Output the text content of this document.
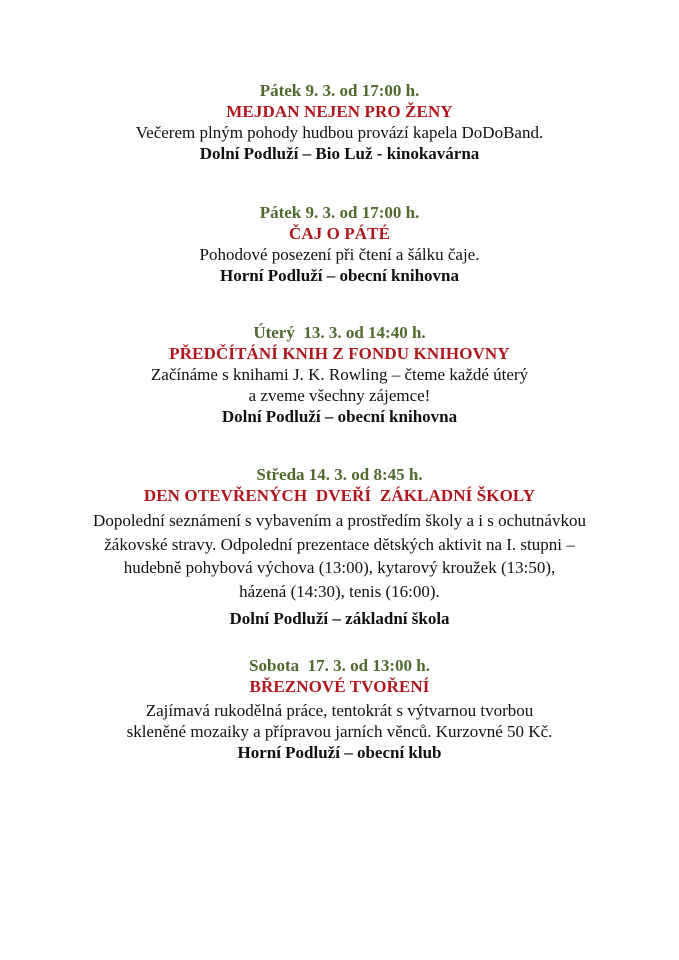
Pátek 9. 3. od 17:00 h.
MEJDAN NEJEN PRO ŽENY
Večerem plným pohody hudbou provází kapela DoDoBand.
Dolní Podluží – Bio Luž - kinokavárna
Pátek 9. 3. od 17:00 h.
ČAJ O PÁTÉ
Pohodové posezení při čtení a šálku čaje.
Horní Podluží – obecní knihovna
Úterý  13. 3. od 14:40 h.
PŘEDČÍTÁNÍ KNIH Z FONDU KNIHOVNY
Začínáme s knihami J. K. Rowling – čteme každé úterý
a zveme všechny zájemce!
Dolní Podluží – obecní knihovna
Středa 14. 3. od 8:45 h.
DEN OTEVŘENÝCH  DVEŘÍ  ZÁKLADNÍ ŠKOLY
Dopolední seznámení s vybavením a prostředím školy a i s ochutnávkou
žákovské stravy. Odpolední prezentace dětských aktivit na I. stupni –
hudebně pohybová výchova (13:00), kytarový kroužek (13:50),
házená (14:30), tenis (16:00).
Dolní Podluží – základní škola
Sobota  17. 3. od 13:00 h.
BŘEZNOVÉ TVOŘENÍ
Zajímavá rukodělná práce, tentokrát s výtvarnou tvorbou
skleněné mozaiky a přípravou jarních věnců. Kurzovné 50 Kč.
Horní Podluží – obecní klub
